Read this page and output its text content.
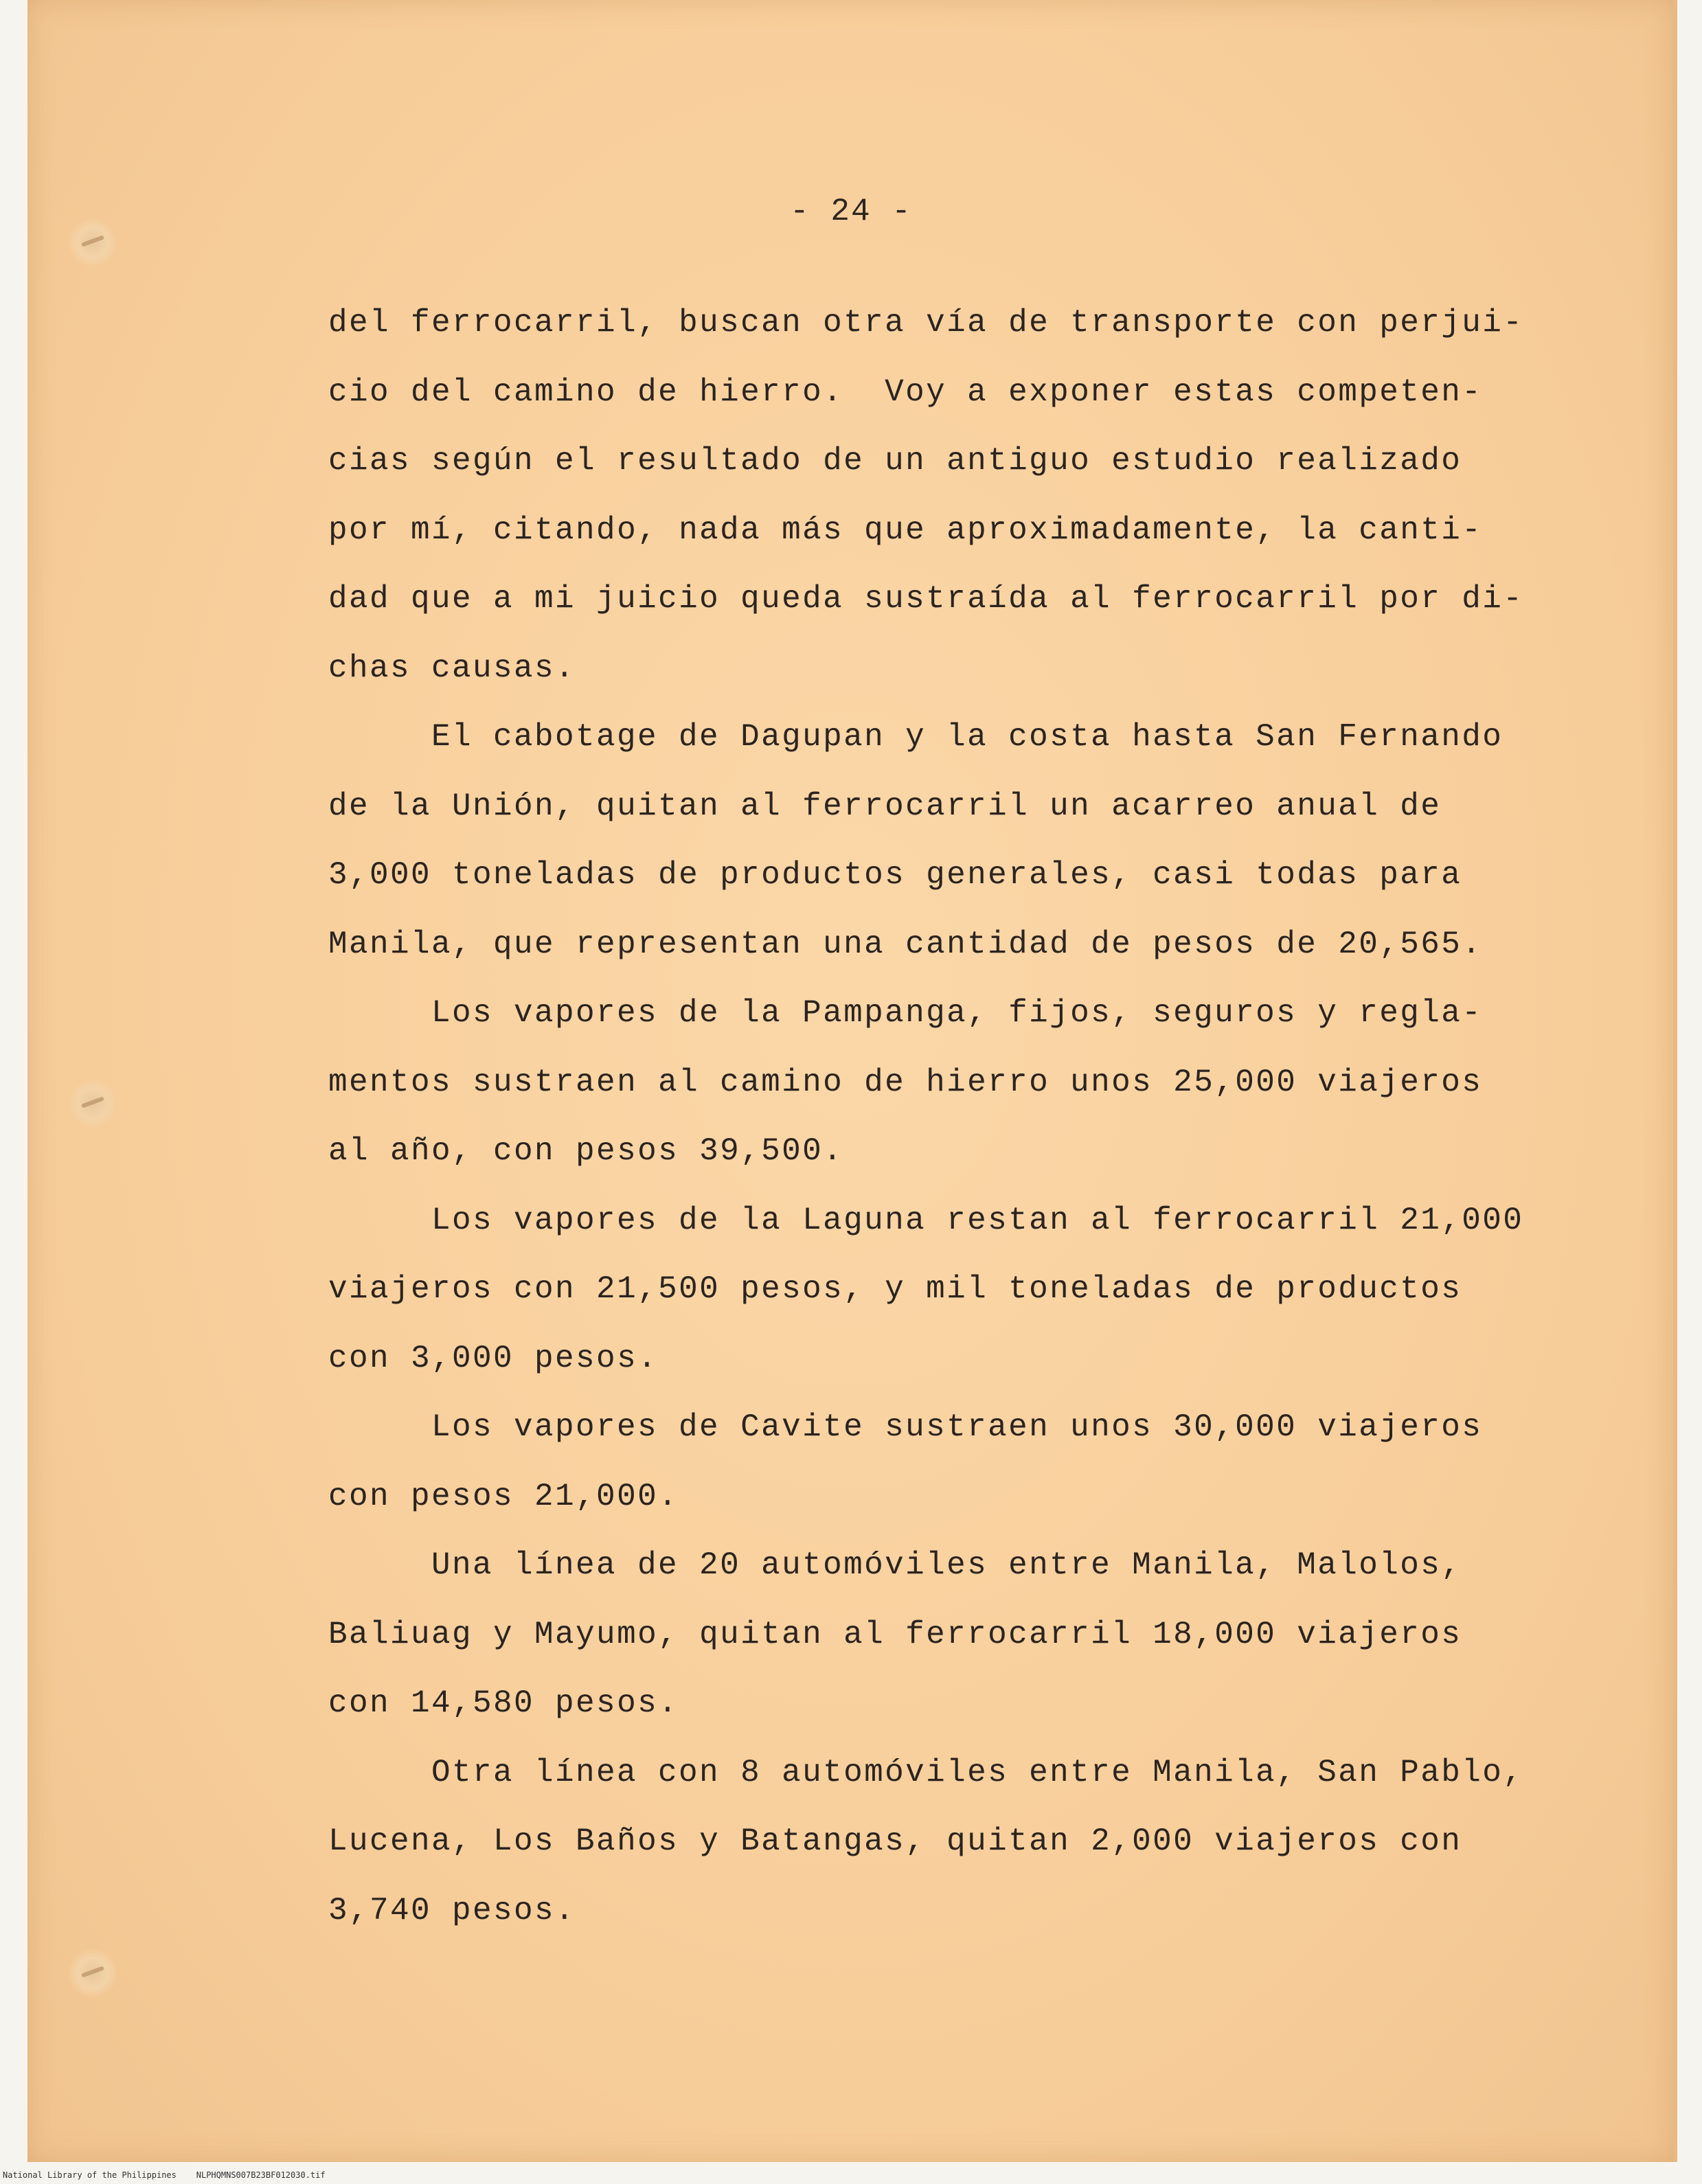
- 24 -
del ferrocarril, buscan otra vía de transporte con perjui-
cio del camino de hierro.  Voy a exponer estas competen-
cias según el resultado de un antiguo estudio realizado
por mí, citando, nada más que aproximadamente, la canti-
dad que a mi juicio queda sustraída al ferrocarril por di-
chas causas.
El cabotage de Dagupan y la costa hasta San Fernando
de la Unión, quitan al ferrocarril un acarreo anual de
3,000 toneladas de productos generales, casi todas para
Manila, que representan una cantidad de pesos de 20,565.
Los vapores de la Pampanga, fijos, seguros y regla-
mentos sustraen al camino de hierro unos 25,000 viajeros
al año, con pesos 39,500.
Los vapores de la Laguna restan al ferrocarril 21,000
viajeros con 21,500 pesos, y mil toneladas de productos
con 3,000 pesos.
Los vapores de Cavite sustraen unos 30,000 viajeros
con pesos 21,000.
Una línea de 20 automóviles entre Manila, Malolos,
Baliuag y Mayumo, quitan al ferrocarril 18,000 viajeros
con 14,580 pesos.
Otra línea con 8 automóviles entre Manila, San Pablo,
Lucena, Los Baños y Batangas, quitan 2,000 viajeros con
3,740 pesos.
National Library of the Philippines    NLPHQMNS007B23BF012030.tif
